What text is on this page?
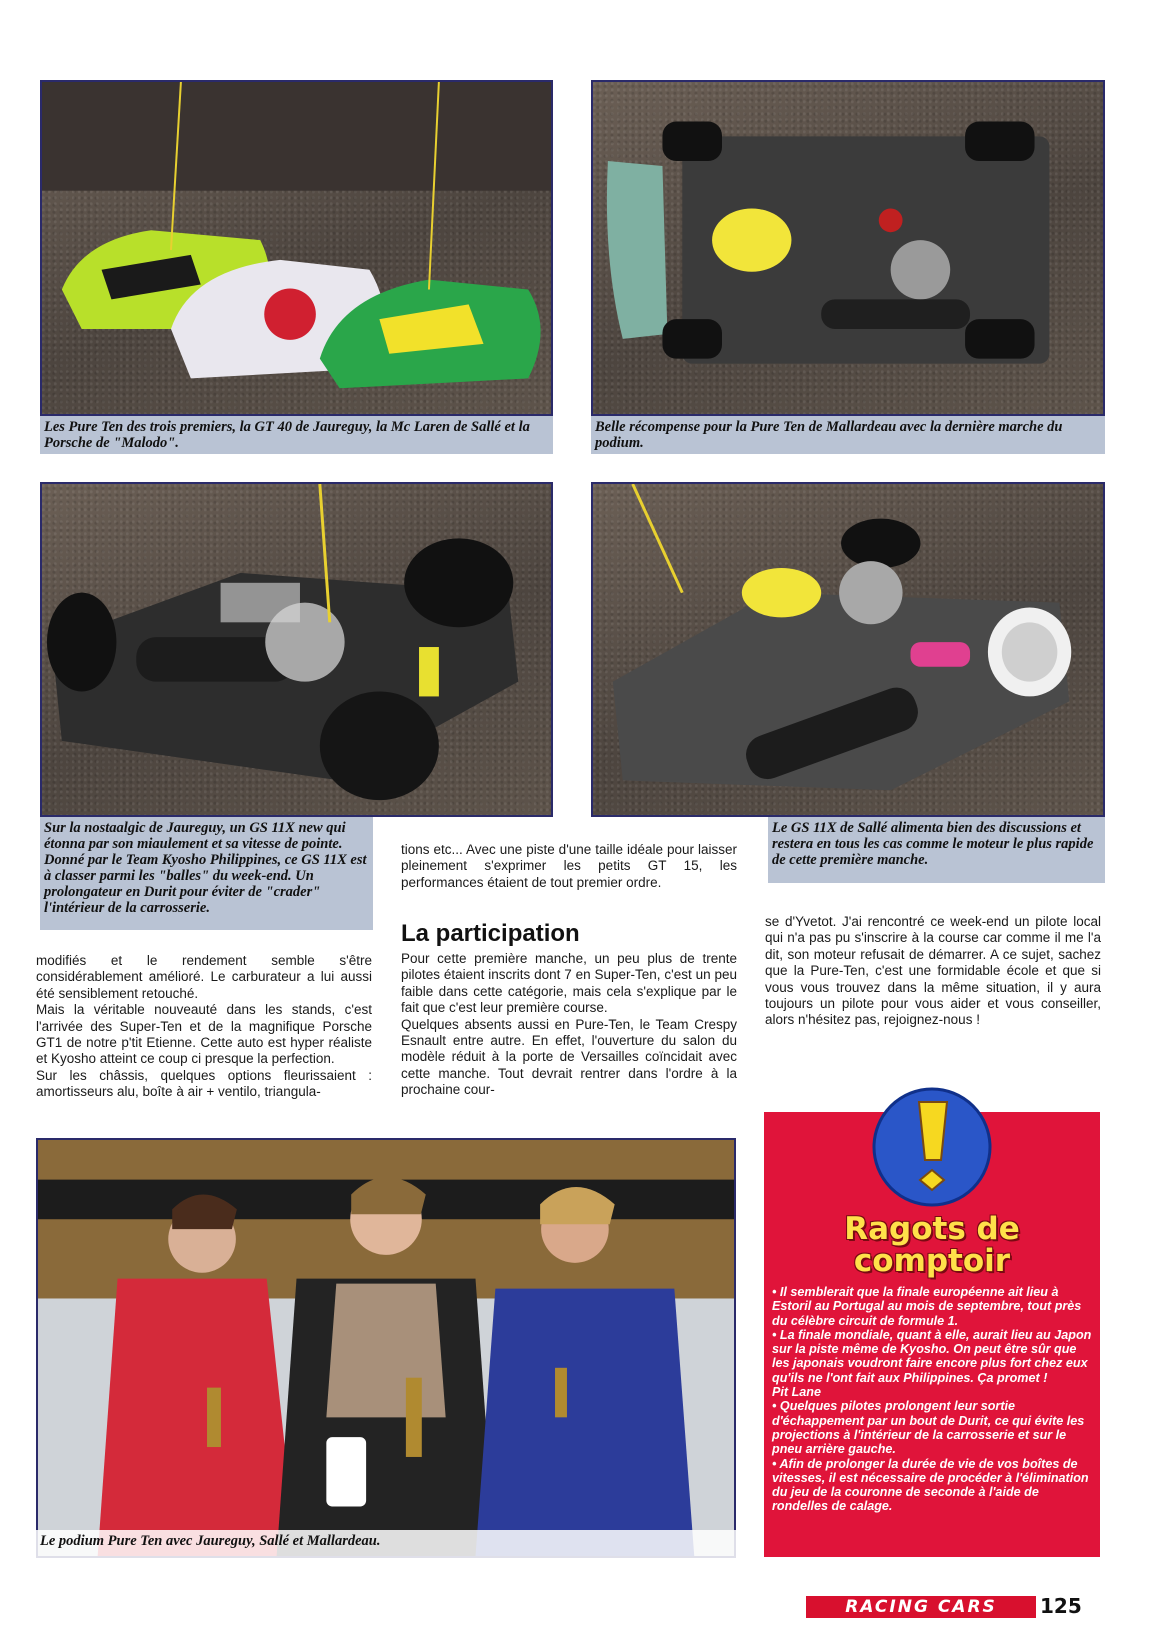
Les Pure Ten des trois premiers, la GT 40 de Jaureguy, la Mc Laren de Sallé et la Porsche de "Malodo".
Belle récompense pour la Pure Ten de Mallardeau avec la dernière marche du podium.
Sur la nostaalgic de Jaureguy, un GS 11X new qui étonna par son miaulement et sa vitesse de pointe. Donné par le Team Kyosho Philippines, ce GS 11X est à classer parmi les "balles" du week-end. Un prolongateur en Durit pour éviter de "crader" l'intérieur de la carrosserie.
Le GS 11X de Sallé alimenta bien des discussions et restera en tous les cas comme le moteur le plus rapide de cette première manche.

modifiés et le rendement semble s'être considérablement amélioré. Le carburateur a lui aussi été sensiblement retouché.

Mais la véritable nouveauté dans les stands, c'est l'arrivée des Super-Ten et de la magnifique Porsche GT1 de notre p'tit Etienne. Cette auto est hyper réaliste et Kyosho atteint ce coup ci presque la perfection.

Sur les châssis, quelques options fleurissaient : amortisseurs alu, boîte à air + ventilo, triangula-

tions etc... Avec une piste d'une taille idéale pour laisser pleinement s'exprimer les petits GT 15, les performances étaient de tout premier ordre.

La participation

Pour cette première manche, un peu plus de trente pilotes étaient inscrits dont 7 en Super-Ten, c'est un peu faible dans cette catégorie, mais cela s'explique par le fait que c'est leur première course.

Quelques absents aussi en Pure-Ten, le Team Crespy Esnault entre autre. En effet, l'ouverture du salon du modèle réduit à la porte de Versailles coïncidait avec cette manche. Tout devrait rentrer dans l'ordre à la prochaine cour-

se d'Yvetot. J'ai rencontré ce week-end un pilote local qui n'a pas pu s'inscrire à la course car comme il me l'a dit, son moteur refusait de démarrer. A ce sujet, sachez que la Pure-Ten, c'est une formidable école et que si vous vous trouvez dans la même situation, il y aura toujours un pilote pour vous aider et vous conseiller, alors n'hésitez pas, rejoignez-nous !

Le podium Pure Ten avec Jaureguy, Sallé et Mallardeau.
Ragots de
comptoir

• Il semblerait que la finale européenne ait lieu à Estoril au Portugal au mois de septembre, tout près du célèbre circuit de formule 1.

• La finale mondiale, quant à elle, aurait lieu au Japon sur la piste même de Kyosho. On peut être sûr que les japonais voudront faire encore plus fort chez eux qu'ils ne l'ont fait aux Philippines. Ça promet !

Pit Lane

• Quelques pilotes prolongent leur sortie d'échappement par un bout de Durit, ce qui évite les projections à l'intérieur de la carrosserie et sur le pneu arrière gauche.

• Afin de prolonger la durée de vie de vos boîtes de vitesses, il est nécessaire de procéder à l'élimination du jeu de la couronne de seconde à l'aide de rondelles de calage.

RACING CARS	125
